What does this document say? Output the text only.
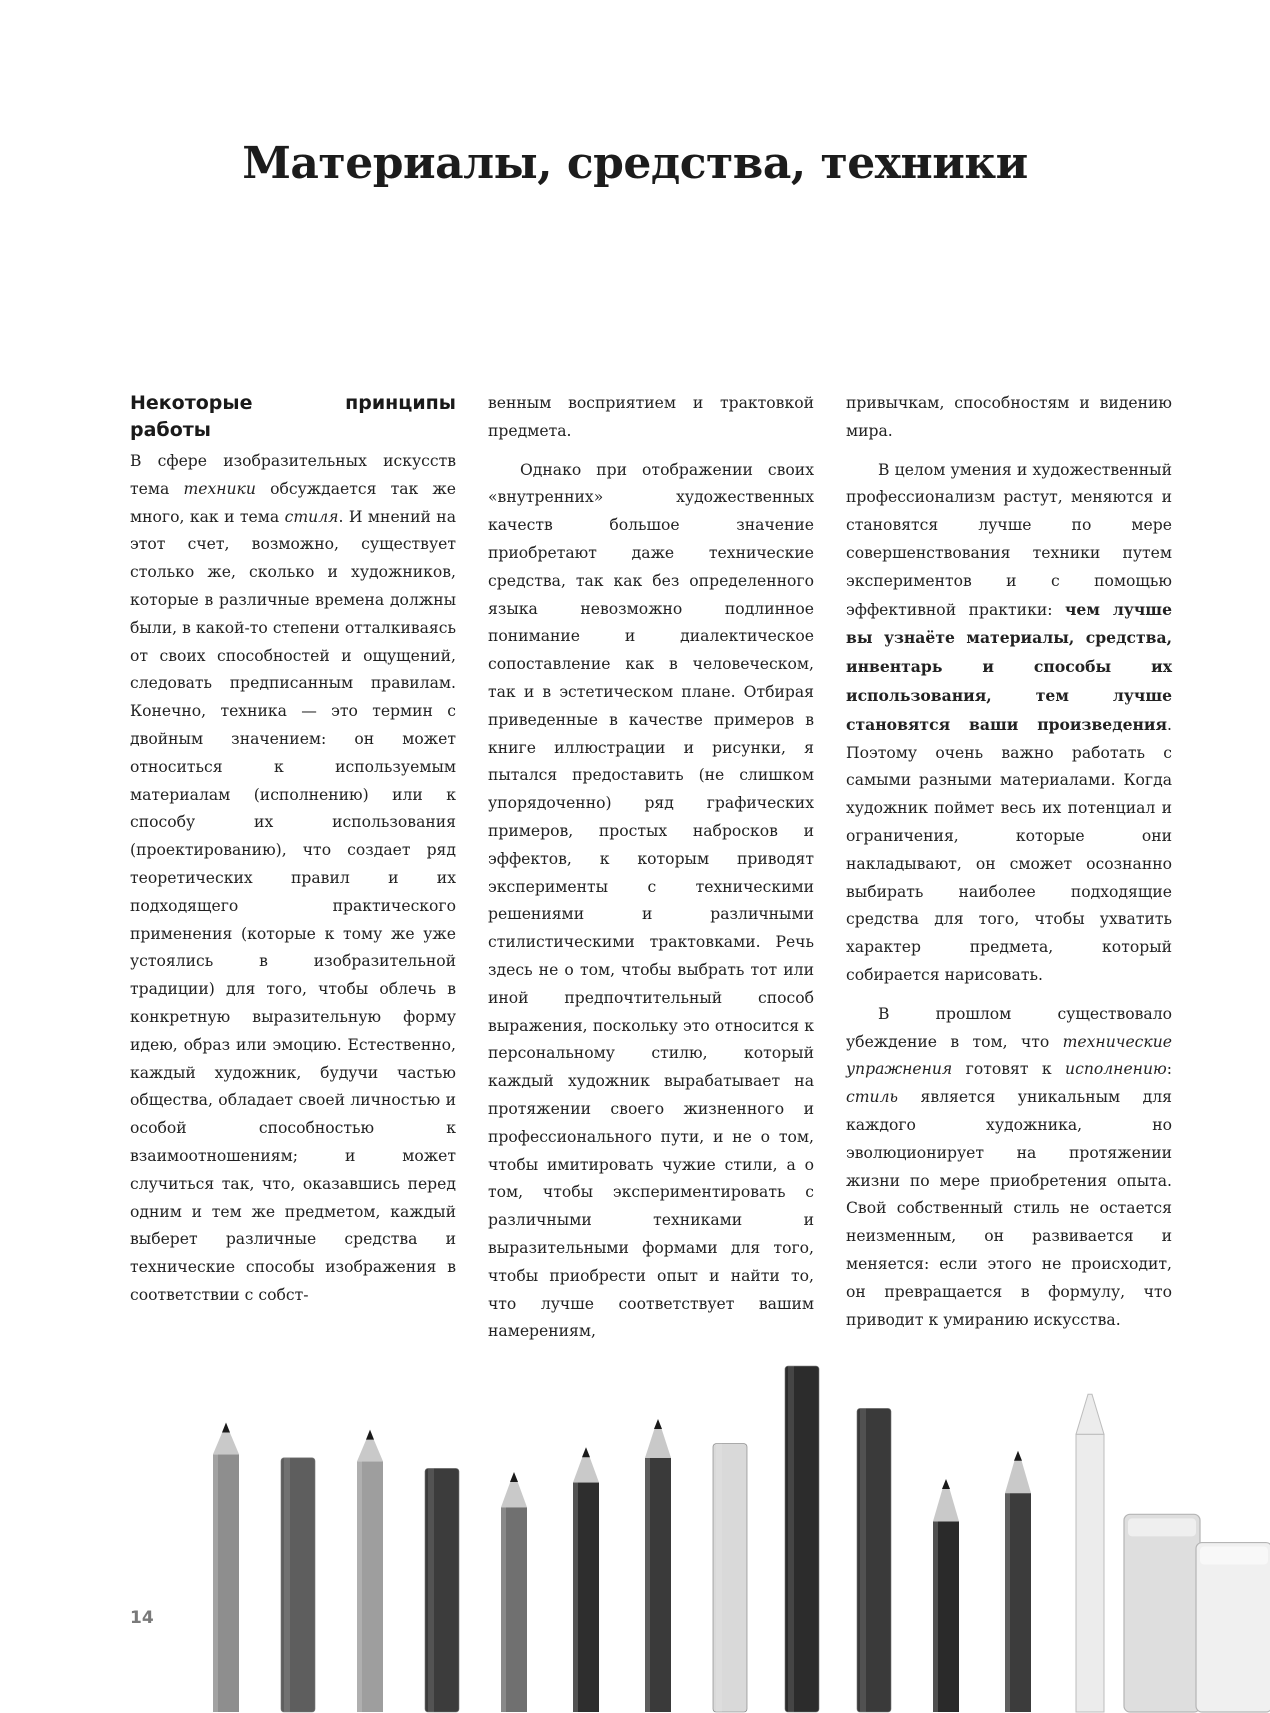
Материалы, средства, техники
Некоторые принципы работы

В сфере изобразительных искусств тема техники обсуждается так же много, как и тема стиля. И мнений на этот счет, возможно, существует столько же, сколько и художников, которые в различные времена должны были, в какой-то степени отталкиваясь от своих способностей и ощущений, следовать предписанным правилам. Конечно, техника — это термин с двойным значением: он может относиться к используемым материалам (исполнению) или к способу их использования (проектированию), что создает ряд теоретических правил и их подходящего практического применения (которые к тому же уже устоялись в изобразительной традиции) для того, чтобы облечь в конкретную выразительную форму идею, образ или эмоцию. Естественно, каждый художник, будучи частью общества, обладает своей личностью и особой способностью к взаимоотношениям; и может случиться так, что, оказавшись перед одним и тем же предметом, каждый выберет различные средства и технические способы изображения в соответствии с собст-

венным восприятием и трактовкой предмета.

Однако при отображении своих «внутренних» художественных качеств большое значение приобретают даже технические средства, так как без определенного языка невозможно подлинное понимание и диалектическое сопоставление как в человеческом, так и в эстетическом плане. Отбирая приведенные в качестве примеров в книге иллюстрации и рисунки, я пытался предоставить (не слишком упорядоченно) ряд графических примеров, простых набросков и эффектов, к которым приводят эксперименты с техническими решениями и различными стилистическими трактовками. Речь здесь не о том, чтобы выбрать тот или иной предпочтительный способ выражения, поскольку это относится к персональному стилю, который каждый художник вырабатывает на протяжении своего жизненного и профессионального пути, и не о том, чтобы имитировать чужие стили, а о том, чтобы экспериментировать с различными техниками и выразительными формами для того, чтобы приобрести опыт и найти то, что лучше соответствует вашим намерениям,

привычкам, способностям и видению мира.

В целом умения и художественный профессионализм растут, меняются и становятся лучше по мере совершенствования техники путем экспериментов и с помощью эффективной практики: чем лучше вы узнаёте материалы, средства, инвентарь и способы их использования, тем лучше становятся ваши произведения. Поэтому очень важно работать с самыми разными материалами. Когда художник поймет весь их потенциал и ограничения, которые они накладывают, он сможет осознанно выбирать наиболее подходящие средства для того, чтобы ухватить характер предмета, который собирается нарисовать.

В прошлом существовало убеждение в том, что технические упражнения готовят к исполнению: стиль является уникальным для каждого художника, но эволюционирует на протяжении жизни по мере приобретения опыта. Свой собственный стиль не остается неизменным, он развивается и меняется: если этого не происходит, он превращается в формулу, что приводит к умиранию искусства.

14
